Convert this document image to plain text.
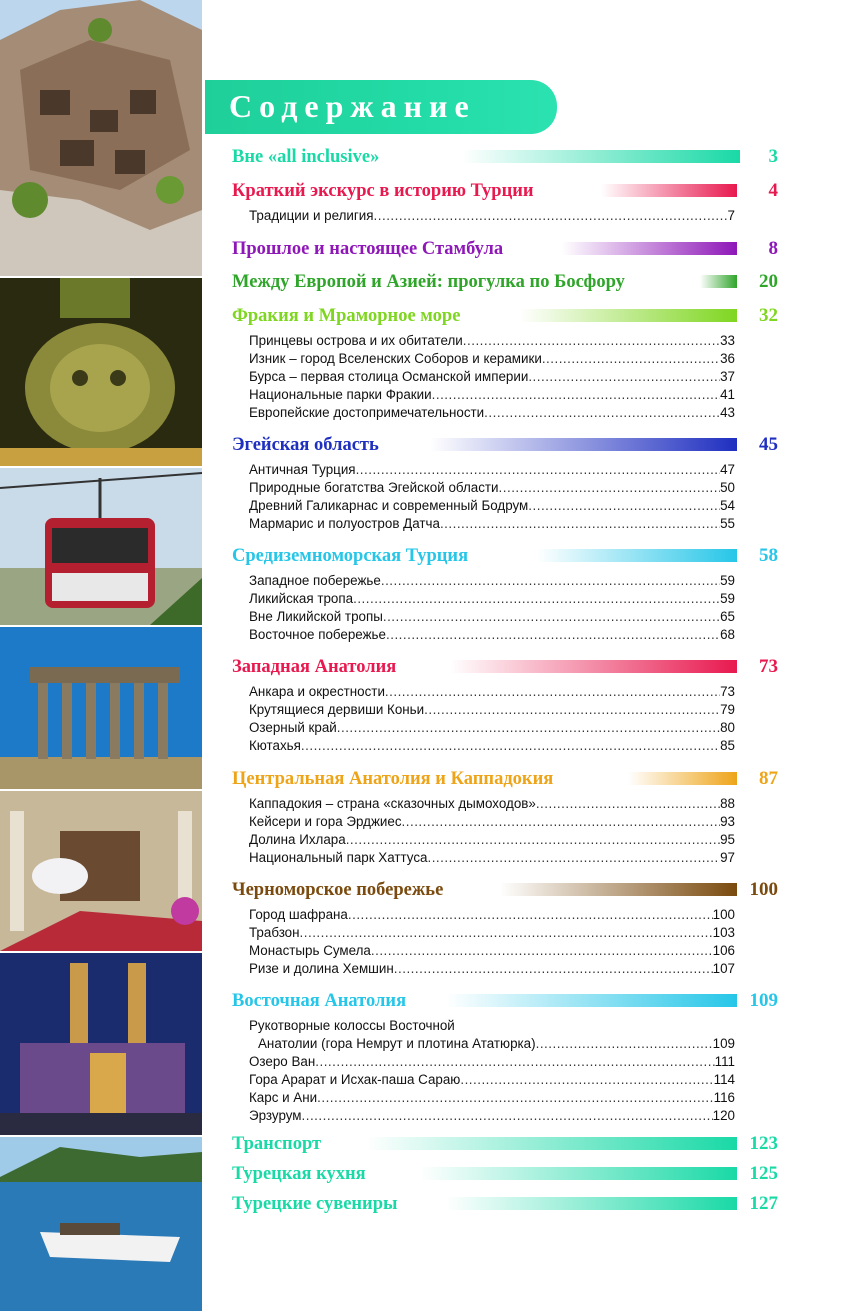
Содержание
Вне «all inclusive»	3
Краткий экскурс в историю Турции	4
Традиции и религия .....	7
Прошлое и настоящее Стамбула	8
Между Европой и Азией: прогулка по Босфору	20
Фракия и Мраморное море	32
Принцевы острова и их обитатели .....	33
Изник – город Вселенских Соборов и керамики .....	36
Бурса – первая столица Османской империи .....	37
Национальные парки Фракии .....	41
Европейские достопримечательности .....	43
Эгейская область	45
Античная Турция .....	47
Природные богатства Эгейской области .....	50
Древний Галикарнас и современный Бодрум .....	54
Мармарис и полуостров Датча .....	55
Средиземноморская Турция	58
Западное побережье .....	59
Ликийская тропа .....	59
Вне Ликийской тропы .....	65
Восточное побережье .....	68
Западная Анатолия	73
Анкара и окрестности .....	73
Крутящиеся дервиши Коньи .....	79
Озерный край .....	80
Кютахья .....	85
Центральная Анатолия и Каппадокия	87
Каппадокия – страна «сказочных дымоходов» .....	88
Кейсери и гора Эрджиес .....	93
Долина Ихлара .....	95
Национальный парк Хаттуса .....	97
Черноморское побережье	100
Город шафрана .....	100
Трабзон .....	103
Монастырь Сумела .....	106
Ризе и долина Хемшин .....	107
Восточная Анатолия	109
Рукотворные колоссы Восточной
Анатолии (гора Немрут и плотина Ататюрка) .....	109
Озеро Ван .....	111
Гора Арарат и Исхак-паша Сараю .....	114
Карс и Ани .....	116
Эрзурум .....	120
Транспорт	123
Турецкая кухня	125
Турецкие сувениры	127
